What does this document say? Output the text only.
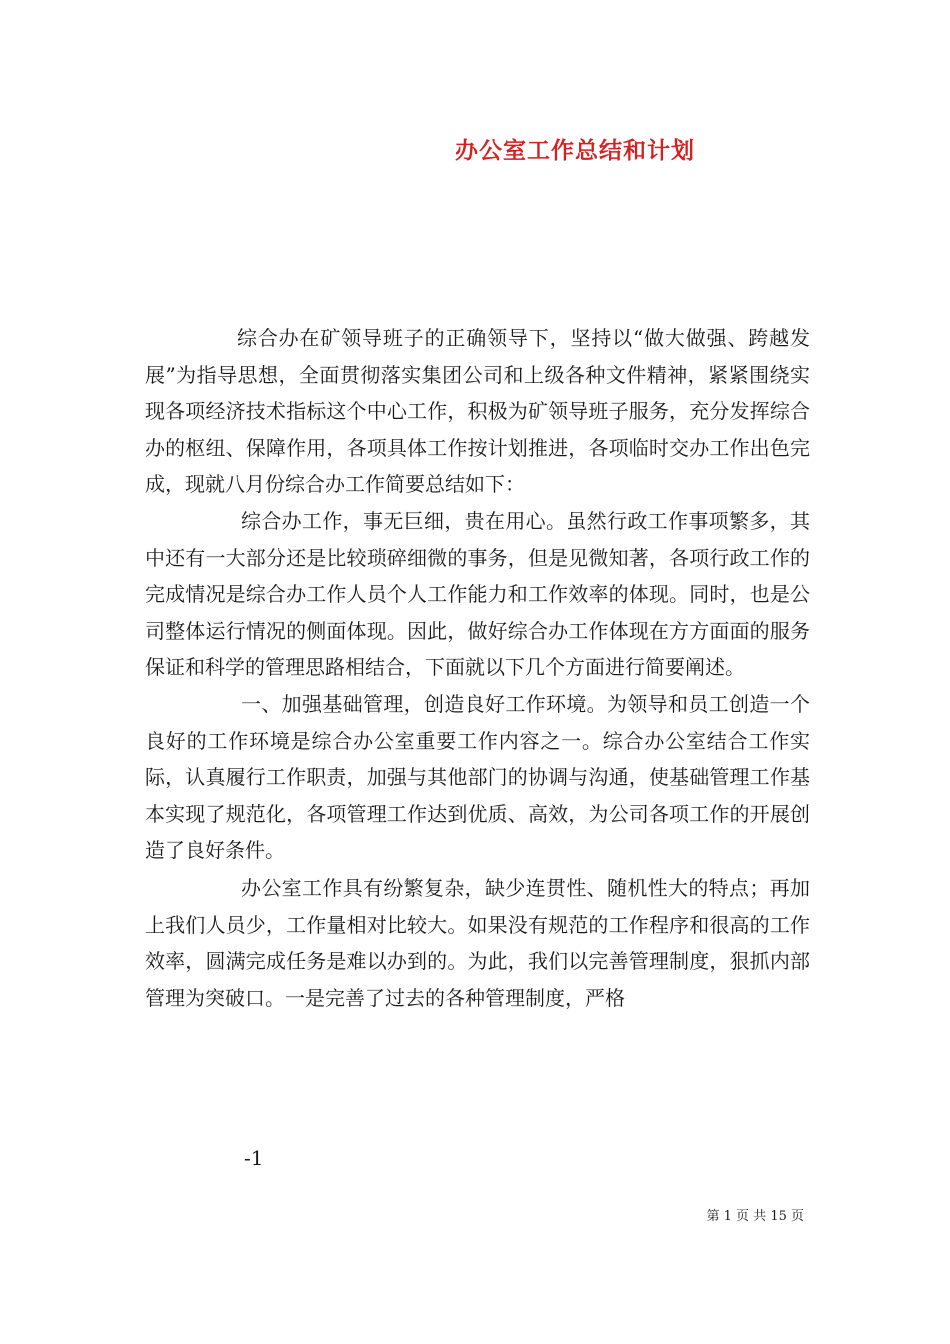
办公室工作总结和计划

综合办在矿领导班子的正确领导下，坚持以“做大做强、跨越发展”为指导思想，全面贯彻落实集团公司和上级各种文件精神，紧紧围绕实现各项经济技术指标这个中心工作，积极为矿领导班子服务，充分发挥综合办的枢纽、保障作用，各项具体工作按计划推进，各项临时交办工作出色完成，现就八月份综合办工作简要总结如下：

综合办工作，事无巨细，贵在用心。虽然行政工作事项繁多，其中还有一大部分还是比较琐碎细微的事务，但是见微知著，各项行政工作的完成情况是综合办工作人员个人工作能力和工作效率的体现。同时，也是公司整体运行情况的侧面体现。因此，做好综合办工作体现在方方面面的服务保证和科学的管理思路相结合，下面就以下几个方面进行简要阐述。

一、加强基础管理，创造良好工作环境。为领导和员工创造一个良好的工作环境是综合办公室重要工作内容之一。综合办公室结合工作实际，认真履行工作职责，加强与其他部门的协调与沟通，使基础管理工作基本实现了规范化，各项管理工作达到优质、高效，为公司各项工作的开展创造了良好条件。

办公室工作具有纷繁复杂，缺少连贯性、随机性大的特点；再加上我们人员少，工作量相对比较大。如果没有规范的工作程序和很高的工作效率，圆满完成任务是难以办到的。为此，我们以完善管理制度，狠抓内部管理为突破口。一是完善了过去的各种管理制度，严格

-1
第 1 页 共 15 页
